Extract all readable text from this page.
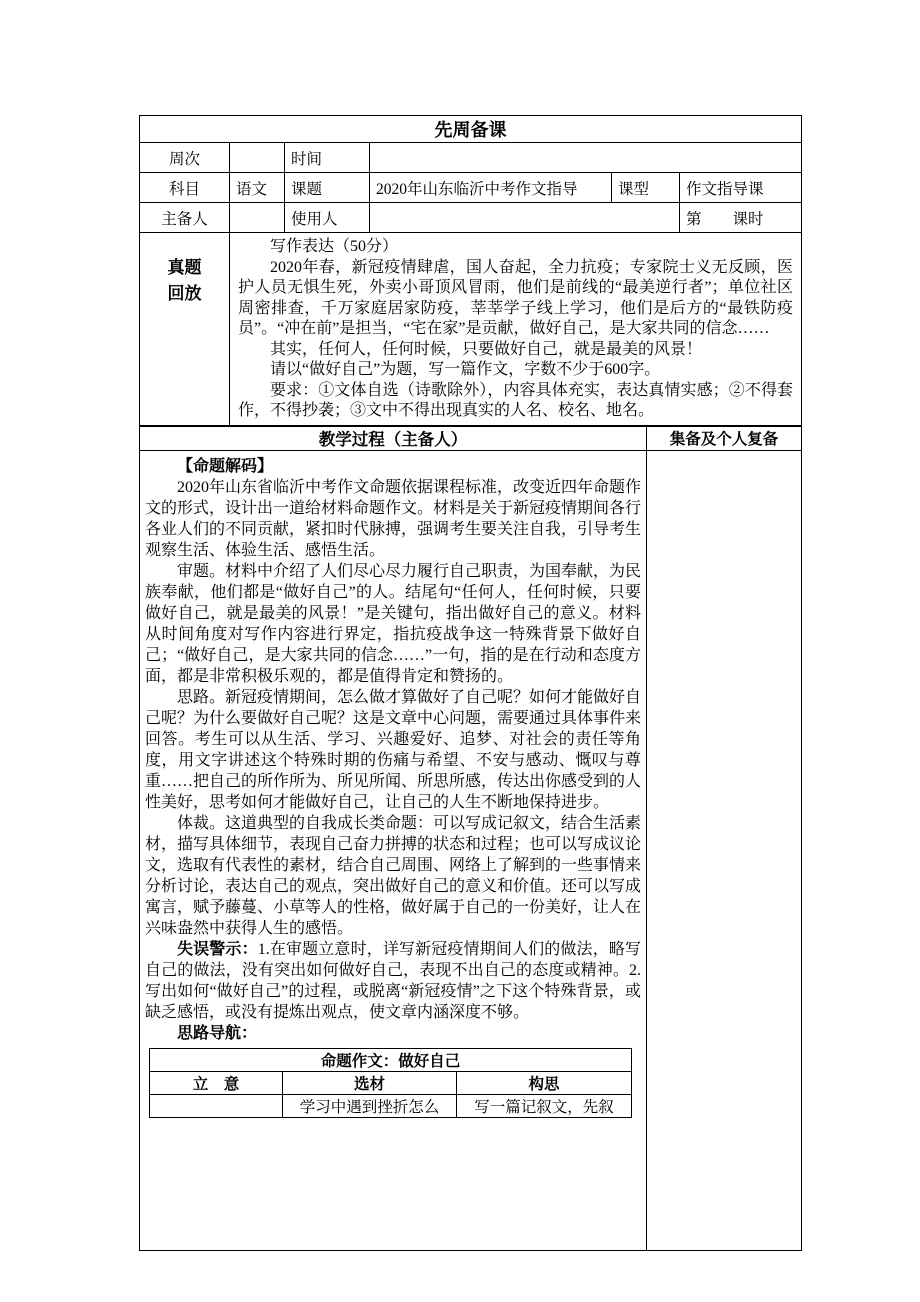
先周备课					
周次		时间			
科目	语文	课题	2020年山东临沂中考作文指导	课型	作文指导课
主备人		使用人			第　　课时
真题
回放	

写作表达（50分）

2020年春，新冠疫情肆虐，国人奋起，全力抗疫；专家院士义无反顾，医护人员无惧生死，外卖小哥顶风冒雨，他们是前线的“最美逆行者”；单位社区周密排查，千万家庭居家防疫，莘莘学子线上学习，他们是后方的“最铁防疫员”。“冲在前”是担当，“宅在家”是贡献，做好自己，是大家共同的信念……

其实，任何人，任何时候，只要做好自己，就是最美的风景！

请以“做好自己”为题，写一篇作文，字数不少于600字。

要求：①文体自选（诗歌除外），内容具体充实，表达真情实感；②不得套作，不得抄袭；③文中不得出现真实的人名、校名、地名。

教学过程（主备人）	集备及个人复备

【命题解码】

2020年山东省临沂中考作文命题依据课程标准，改变近四年命题作文的形式，设计出一道给材料命题作文。材料是关于新冠疫情期间各行各业人们的不同贡献，紧扣时代脉搏，强调考生要关注自我，引导考生观察生活、体验生活、感悟生活。

审题。材料中介绍了人们尽心尽力履行自己职责，为国奉献，为民族奉献，他们都是“做好自己”的人。结尾句“任何人，任何时候，只要做好自己，就是最美的风景！”是关键句，指出做好自己的意义。材料从时间角度对写作内容进行界定，指抗疫战争这一特殊背景下做好自己；“做好自己，是大家共同的信念……”一句，指的是在行动和态度方面，都是非常积极乐观的，都是值得肯定和赞扬的。

思路。新冠疫情期间，怎么做才算做好了自己呢？如何才能做好自己呢？为什么要做好自己呢？这是文章中心问题，需要通过具体事件来回答。考生可以从生活、学习、兴趣爱好、追梦、对社会的责任等角度，用文字讲述这个特殊时期的伤痛与希望、不安与感动、慨叹与尊重……把自己的所作所为、所见所闻、所思所感，传达出你感受到的人性美好，思考如何才能做好自己，让自己的人生不断地保持进步。

体裁。这道典型的自我成长类命题：可以写成记叙文，结合生活素材，描写具体细节，表现自己奋力拼搏的状态和过程；也可以写成议论文，选取有代表性的素材，结合自己周围、网络上了解到的一些事情来分析讨论，表达自己的观点，突出做好自己的意义和价值。还可以写成寓言，赋予藤蔓、小草等人的性格，做好属于自己的一份美好，让人在兴味盎然中获得人生的感悟。

失误警示：1.在审题立意时，详写新冠疫情期间人们的做法，略写自己的做法，没有突出如何做好自己，表现不出自己的态度或精神。2.写出如何“做好自己”的过程，或脱离“新冠疫情”之下这个特殊背景，或缺乏感悟，或没有提炼出观点，使文章内涵深度不够。

思路导航：

命题作文：做好自己
立　意	选材	构思
	学习中遇到挫折怎么	写一篇记叙文，先叙
